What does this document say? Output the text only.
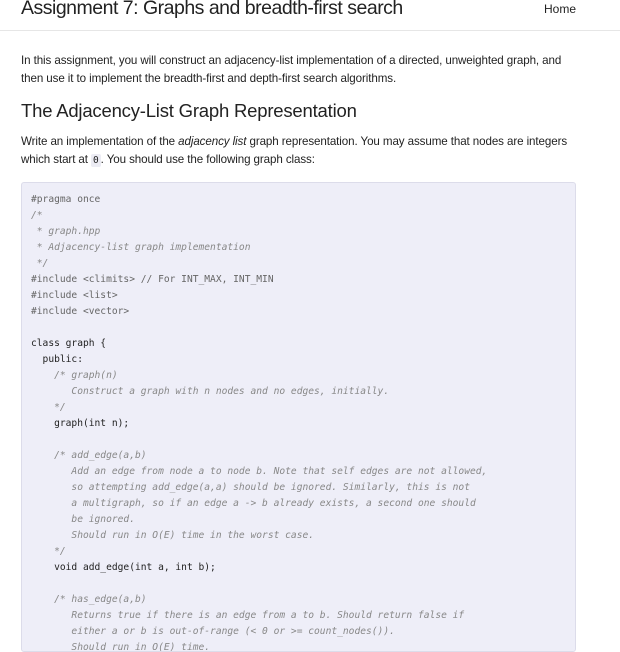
Assignment 7: Graphs and breadth-first search	Home

In this assignment, you will construct an adjacency-list implementation of a directed, unweighted graph, and then use it to implement the breadth-first and depth-first search algorithms.

The Adjacency-List Graph Representation

Write an implementation of the adjacency list graph representation. You may assume that nodes are integers which start at 0 . You should use the following graph class:

#pragma once
/*
* graph.hpp
* Adjacency-list graph implementation
*/
#include <climits> // For INT_MAX, INT_MIN
#include <list>
#include <vector>
class graph {
public:
/* graph(n)
Construct a graph with n nodes and no edges, initially.
*/
graph(int n);
/* add_edge(a,b)
Add an edge from node a to node b. Note that self edges are not allowed,
so attempting add_edge(a,a) should be ignored. Similarly, this is not
a multigraph, so if an edge a -> b already exists, a second one should
be ignored.
Should run in O(E) time in the worst case.
*/
void add_edge(int a, int b);
/* has_edge(a,b)
Returns true if there is an edge from a to b. Should return false if
either a or b is out-of-range (< 0 or >= count_nodes()).
Should run in O(E) time.
